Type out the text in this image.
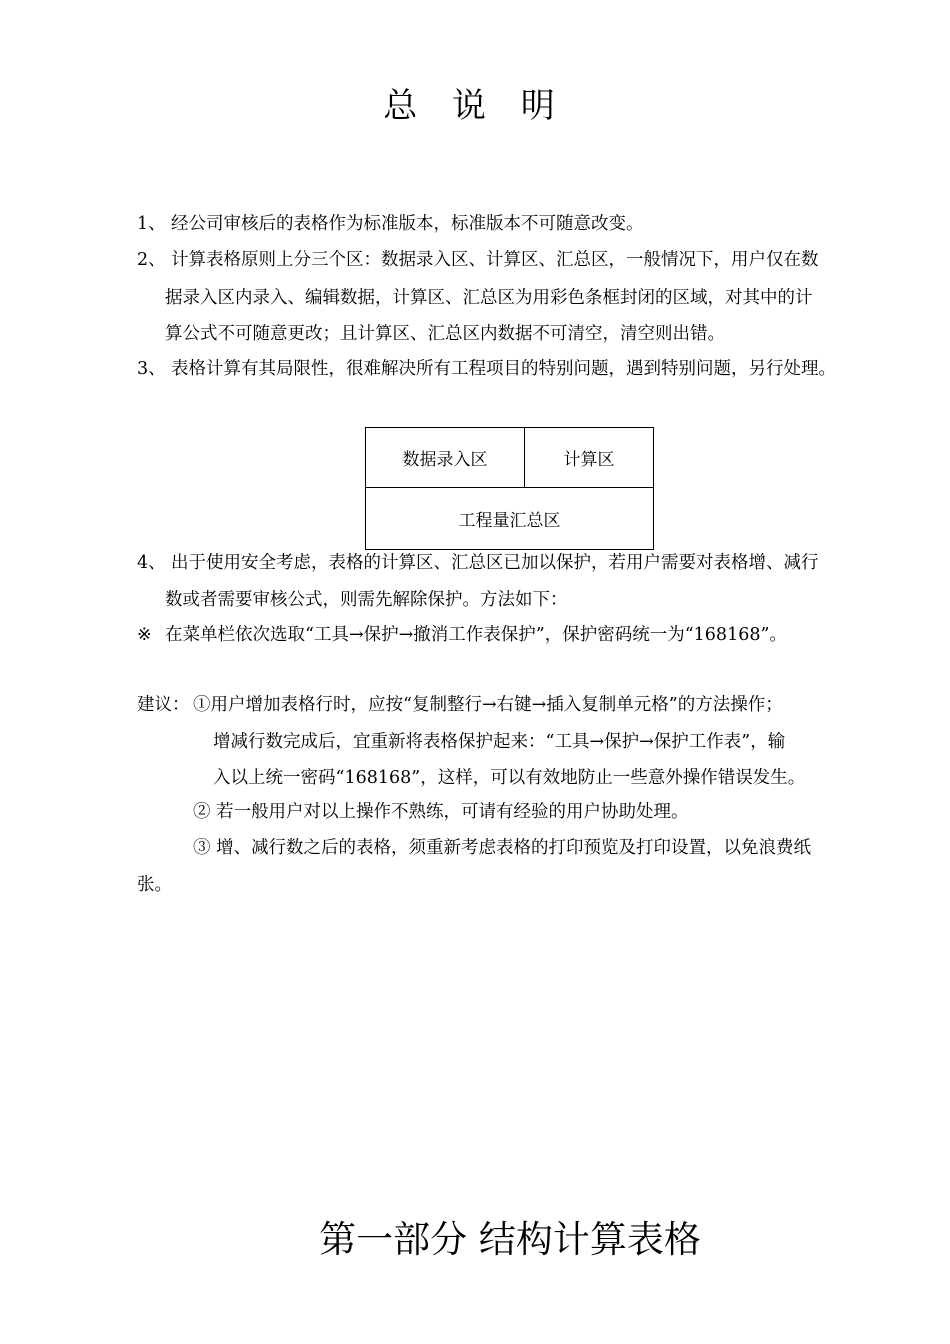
总 说 明
1、 经公司审核后的表格作为标准版本，标准版本不可随意改变。
2、 计算表格原则上分三个区：数据录入区、计算区、汇总区，一般情况下，用户仅在数
据录入区内录入、编辑数据，计算区、汇总区为用彩色条框封闭的区域，对其中的计
算公式不可随意更改；且计算区、汇总区内数据不可清空，清空则出错。
3、 表格计算有其局限性，很难解决所有工程项目的特别问题，遇到特别问题，另行处理。
数据录入区	计算区
工程量汇总区
4、 出于使用安全考虑，表格的计算区、汇总区已加以保护，若用户需要对表格增、减行
数或者需要审核公式，则需先解除保护。方法如下：
※ 在菜单栏依次选取“工具→保护→撤消工作表保护”，保护密码统一为“168168”。
建议： ①用户增加表格行时，应按“复制整行→右键→插入复制单元格”的方法操作；
增减行数完成后，宜重新将表格保护起来：“工具→保护→保护工作表”，输
入以上统一密码“168168”，这样，可以有效地防止一些意外操作错误发生。
② 若一般用户对以上操作不熟练，可请有经验的用户协助处理。
③ 增、减行数之后的表格，须重新考虑表格的打印预览及打印设置，以免浪费纸
张。
第一部分 结构计算表格
